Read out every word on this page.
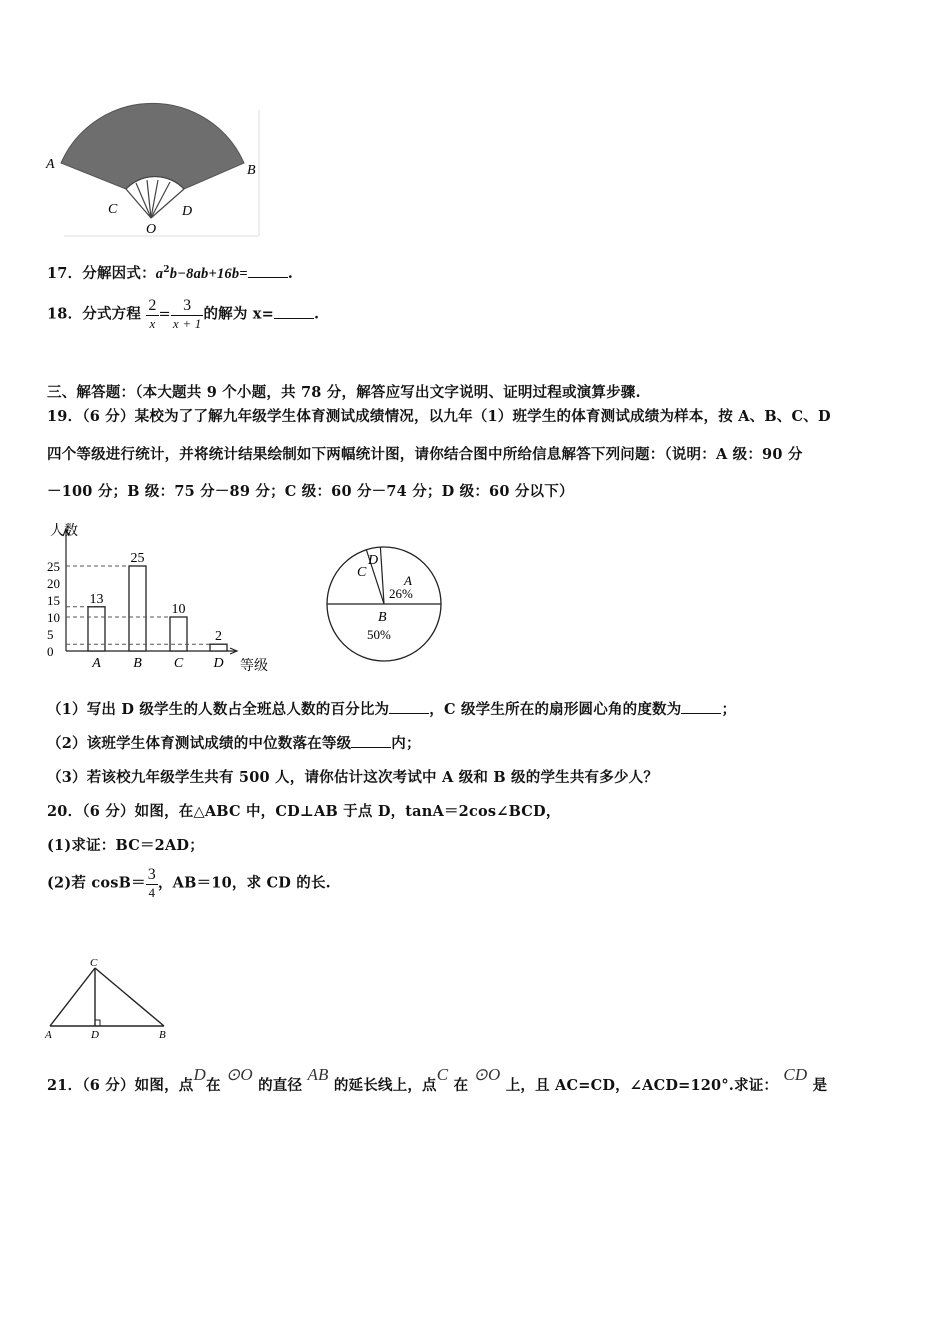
A	B
C	D
O
17．分解因式：$a^2b-8ab+16b=$	.
18．分式方程 $\frac{2}{x} = \frac{3}{x + 1}$ 的解为 x=	.
三、解答题：（本大题共 9 个小题，共 78 分，解答应写出文字说明、证明过程或演算步骤.
19．（6 分）某校为了了解九年级学生体育测试成绩情况，以九年（1）班学生的体育测试成绩为样本，按 A、B、C、D
四个等级进行统计，并将统计结果绘制如下两幅统计图，请你结合图中所给信息解答下列问题：（说明：A 级：90 分
－100 分；B 级：75 分－89 分；C 级：60 分－74 分；D 级：60 分以下）
人数
等级
0
5
10
15
20
25
13
A
25
B
10
C
2
D
C
D
A
26%
B
50%
（1）写出 D 级学生的人数占全班总人数的百分比为	，C 级学生所在的扇形圆心角的度数为	；
（2）该班学生体育测试成绩的中位数落在等级	内；
（3）若该校九年级学生共有 500 人，请你估计这次考试中 A 级和 B 级的学生共有多少人？
20．（6 分）如图，在△ABC 中，CD⊥AB 于点 D，tanA＝2cos∠BCD，
(1)求证：BC＝2AD；
(2)若 $\cos B= \frac{3}{4}$ ，AB＝10，求 CD 的长.
C
A	D	B
21．（6 分）如图，点D在 ⊙O 的直径 AB 的延长线上，点C 在 ⊙O 上，且 AC=CD，∠ACD=120°.求证： CD 是
